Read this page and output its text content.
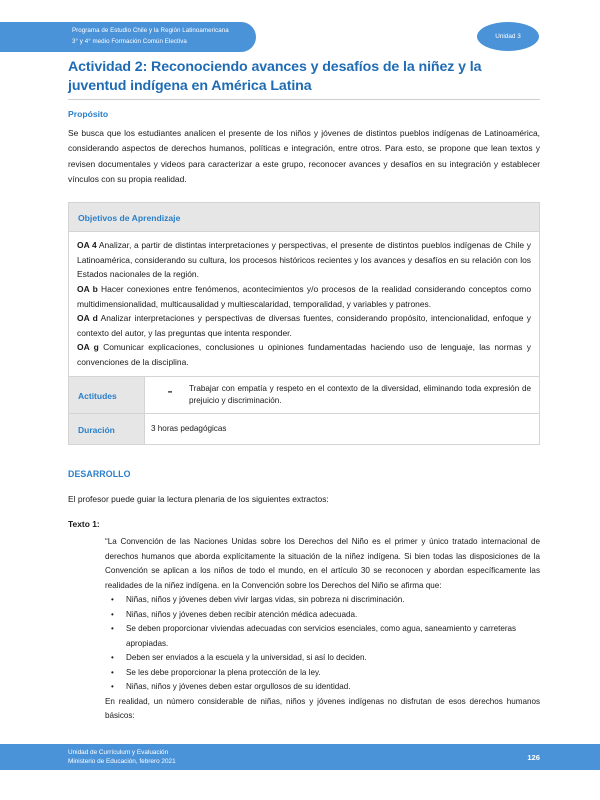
Programa de Estudio Chile y la Región Latinoamericana
3° y 4° medio Formación Común Electiva
Unidad 3
Actividad 2: Reconociendo avances y desafíos de la niñez y la
juventud indígena en América Latina
Propósito

Se busca que los estudiantes analicen el presente de los niños y jóvenes de distintos pueblos indígenas de Latinoamérica, considerando aspectos de derechos humanos, políticas e integración, entre otros. Para esto, se propone que lean textos y revisen documentales y videos para caracterizar a este grupo, reconocer avances y desafíos en su integración y establecer vínculos con su propia realidad.

Objetivos de Aprendizaje	

OA 4 Analizar, a partir de distintas interpretaciones y perspectivas, el presente de distintos pueblos indígenas de Chile y Latinoamérica, considerando su cultura, los procesos históricos recientes y los avances y desafíos en su relación con los Estados nacionales de la región.

OA b Hacer conexiones entre fenómenos, acontecimientos y/o procesos de la realidad considerando conceptos como multidimensionalidad, multicausalidad y multiescalaridad, temporalidad, y variables y patrones.

OA d Analizar interpretaciones y perspectivas de diversas fuentes, considerando propósito, intencionalidad, enfoque y contexto del autor, y las preguntas que intenta responder.

OA g Comunicar explicaciones, conclusiones u opiniones fundamentadas haciendo uso de lenguaje, las normas y convenciones de la disciplina.	

Actitudes	- Trabajar con empatía y respeto en el contexto de la diversidad, eliminando toda expresión de prejuicio y discriminación.

Duración	3 horas pedagógicas

DESARROLLO

El profesor puede guiar la lectura plenaria de los siguientes extractos:

Texto 1:

“La Convención de las Naciones Unidas sobre los Derechos del Niño es el primer y único tratado internacional de derechos humanos que aborda explícitamente la situación de la niñez indígena. Si bien todas las disposiciones de la Convención se aplican a los niños de todo el mundo, en el artículo 30 se reconocen y abordan específicamente las realidades de la niñez indígena. en la Convención sobre los Derechos del Niño se afirma que:

• Niñas, niños y jóvenes deben vivir largas vidas, sin pobreza ni discriminación.
• Niñas, niños y jóvenes deben recibir atención médica adecuada.
• Se deben proporcionar viviendas adecuadas con servicios esenciales, como agua, saneamiento y carreteras apropiadas.
• Deben ser enviados a la escuela y la universidad, si así lo deciden.
• Se les debe proporcionar la plena protección de la ley.
• Niñas, niños y jóvenes deben estar orgullosos de su identidad.

En realidad, un número considerable de niñas, niños y jóvenes indígenas no disfrutan de esos derechos humanos básicos:

Unidad de Currículum y Evaluación
Ministerio de Educación, febrero 2021	126
